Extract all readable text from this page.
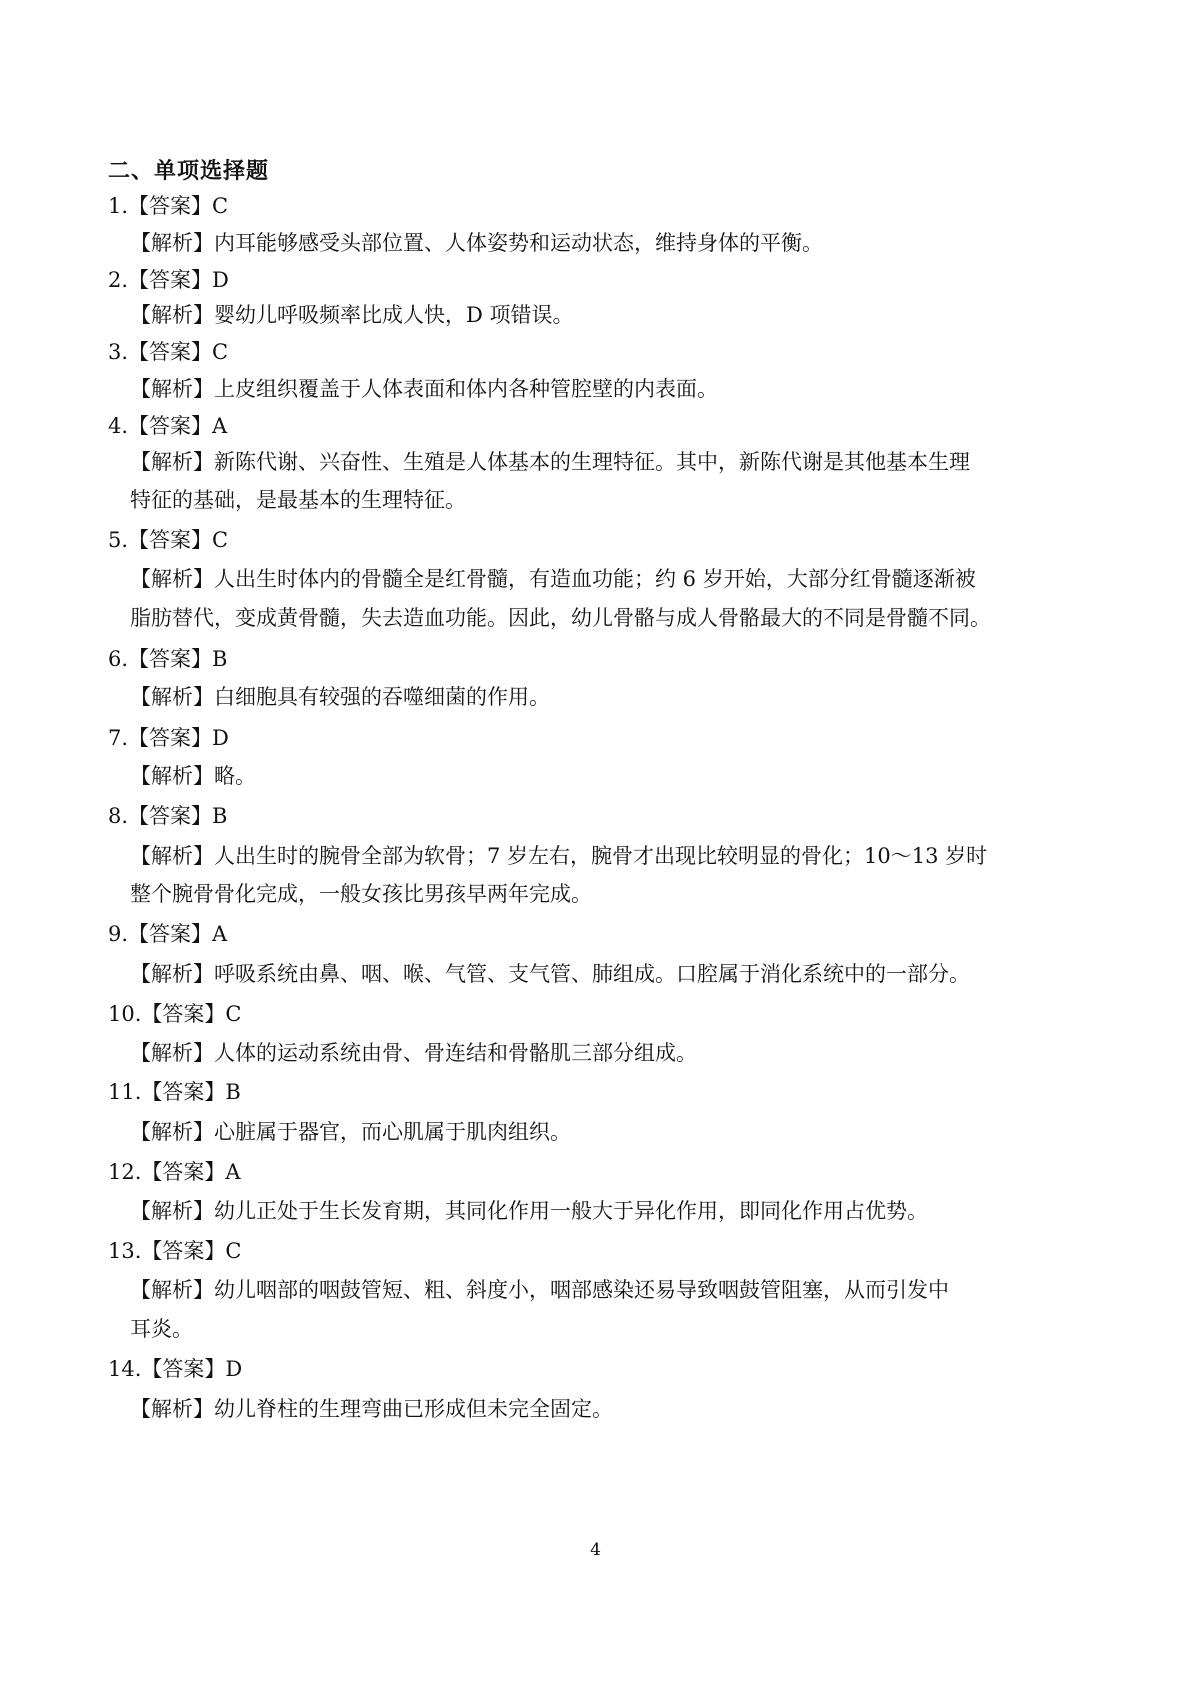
二、单项选择题
1.【答案】C
【解析】内耳能够感受头部位置、人体姿势和运动状态，维持身体的平衡。
2.【答案】D
【解析】婴幼儿呼吸频率比成人快，D 项错误。
3.【答案】C
【解析】上皮组织覆盖于人体表面和体内各种管腔壁的内表面。
4.【答案】A
【解析】新陈代谢、兴奋性、生殖是人体基本的生理特征。其中，新陈代谢是其他基本生理
特征的基础，是最基本的生理特征。
5.【答案】C
【解析】人出生时体内的骨髓全是红骨髓，有造血功能；约 6 岁开始，大部分红骨髓逐渐被
脂肪替代，变成黄骨髓，失去造血功能。因此，幼儿骨骼与成人骨骼最大的不同是骨髓不同。
6.【答案】B
【解析】白细胞具有较强的吞噬细菌的作用。
7.【答案】D
【解析】略。
8.【答案】B
【解析】人出生时的腕骨全部为软骨；7 岁左右，腕骨才出现比较明显的骨化；10～13 岁时
整个腕骨骨化完成，一般女孩比男孩早两年完成。
9.【答案】A
【解析】呼吸系统由鼻、咽、喉、气管、支气管、肺组成。口腔属于消化系统中的一部分。
10.【答案】C
【解析】人体的运动系统由骨、骨连结和骨骼肌三部分组成。
11.【答案】B
【解析】心脏属于器官，而心肌属于肌肉组织。
12.【答案】A
【解析】幼儿正处于生长发育期，其同化作用一般大于异化作用，即同化作用占优势。
13.【答案】C
【解析】幼儿咽部的咽鼓管短、粗、斜度小，咽部感染还易导致咽鼓管阻塞，从而引发中
耳炎。
14.【答案】D
【解析】幼儿脊柱的生理弯曲已形成但未完全固定。
4
